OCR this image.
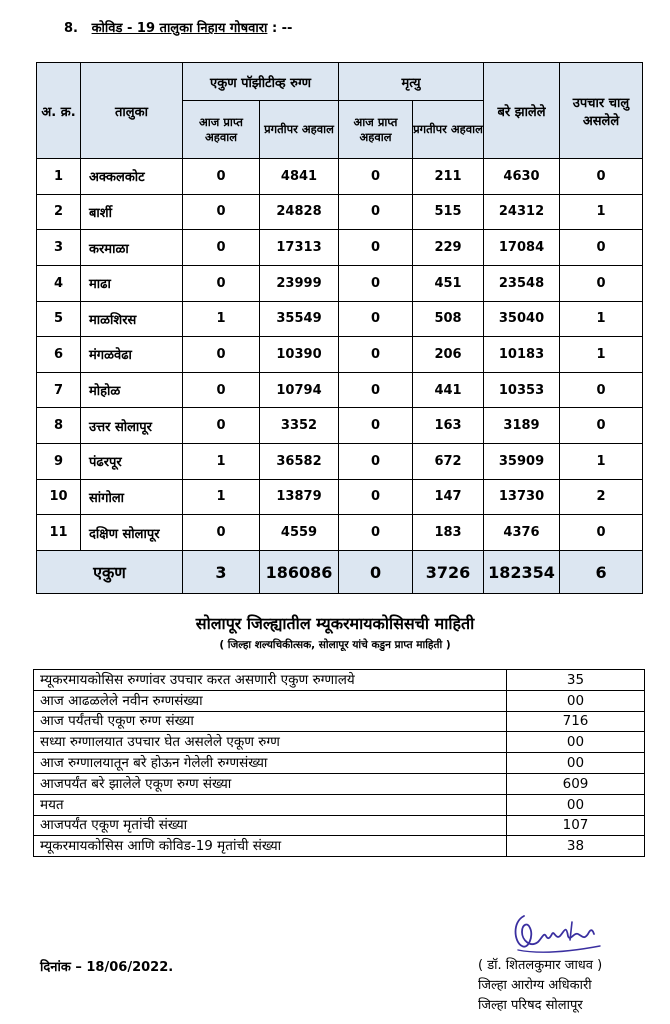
8. कोविड - 19 तालुका निहाय गोषवारा : --
अ. क्र.	तालुका	एकुण पॉझीटीव्ह रुग्ण		मृत्यु		बरे झालेले	उपचार चालु असलेले
		आज प्राप्त अहवाल	प्रगतीपर अहवाल	आज प्राप्त अहवाल	प्रगतीपर अहवाल		
1	अक्कलकोट	0	4841	0	211	4630	0
2	बार्शी	0	24828	0	515	24312	1
3	करमाळा	0	17313	0	229	17084	0
4	माढा	0	23999	0	451	23548	0
5	माळशिरस	1	35549	0	508	35040	1
6	मंगळवेढा	0	10390	0	206	10183	1
7	मोहोळ	0	10794	0	441	10353	0
8	उत्तर सोलापूर	0	3352	0	163	3189	0
9	पंढरपूर	1	36582	0	672	35909	1
10	सांगोला	1	13879	0	147	13730	2
11	दक्षिण सोलापूर	0	4559	0	183	4376	0
एकुण		3	186086	0	3726	182354	6
सोलापूर जिल्ह्यातील म्यूकरमायकोसिसची माहिती
( जिल्हा शल्यचिकीत्सक, सोलापूर यांचे कडुन प्राप्त माहिती )
म्यूकरमायकोसिस रुग्णांवर उपचार करत असणारी एकुण रुग्णालये	35
आज आढळलेले नवीन रुग्णसंख्या	00
आज पर्यंतची एकूण रुग्ण संख्या	716
सध्या रुग्णालयात उपचार घेत असलेले एकूण रुग्ण	00
आज रुग्णालयातून बरे होऊन गेलेली रुग्णसंख्या	00
आजपर्यंत बरे झालेले एकूण रुग्ण संख्या	609
मयत	00
आजपर्यंत एकूण मृतांची संख्या	107
म्यूकरमायकोसिस आणि कोविड-19 मृतांची संख्या	38
दिनांक – 18/06/2022.	( डॉ. शितलकुमार जाधव )
जिल्हा आरोग्य अधिकारी
जिल्हा परिषद सोलापूर
